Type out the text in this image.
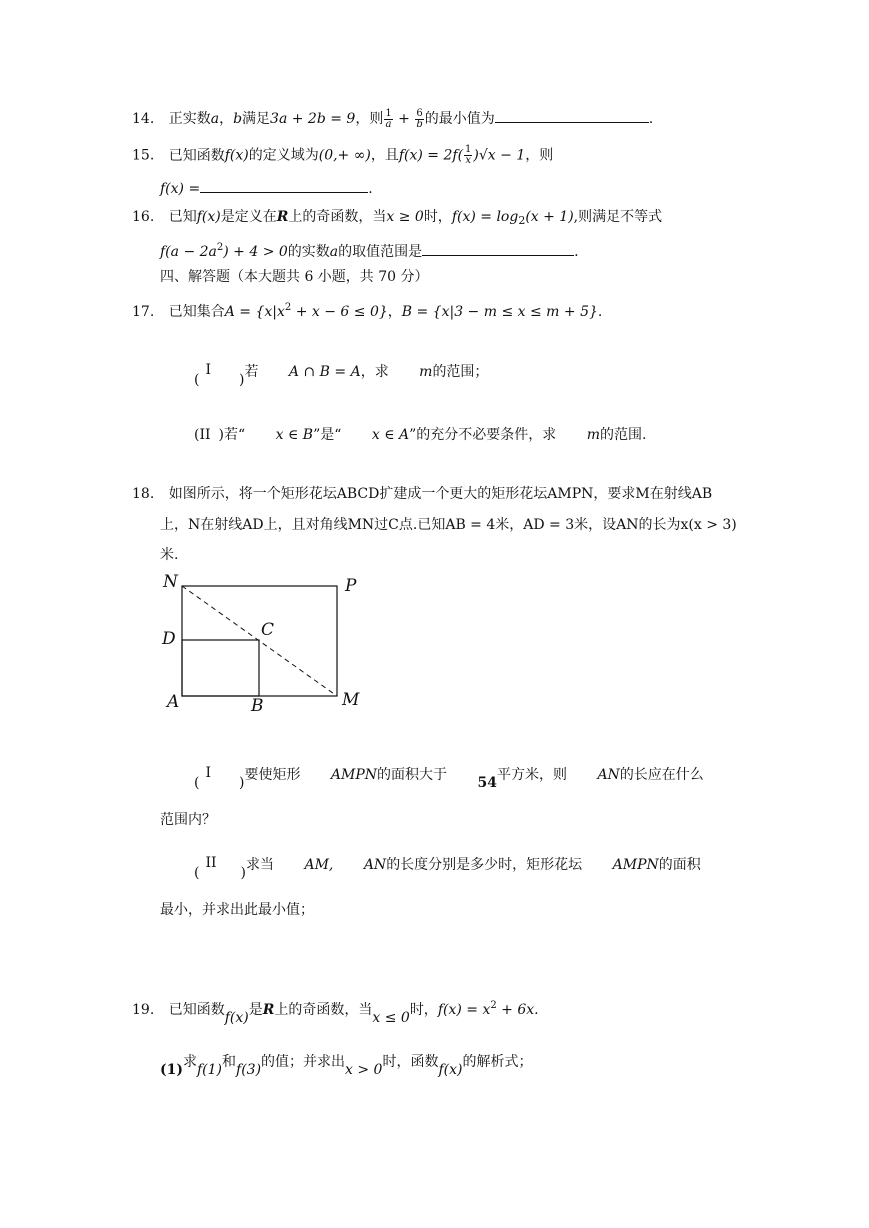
14. 正实数a，b满足3a + 2b = 9，则 $\frac{1}{a} + \frac{6}{b}$ 的最小值为	.
15. 已知函数f(x)的定义域为(0,+ ∞)，且$f(x) = 2f( \frac{1}{x} )√x - 1$，则
f(x) =	.
16. 已知f(x)是定义在R上的奇函数，当x ≥ 0时，$f(x) = \log_2(x + 1)$,则满足不等式
$f(a - 2a^2) + 4 > 0$的实数a的取值范围是	.
四、解答题（本大题共 6 小题，共 70 分）
17. 已知集合$A = \{x|x^2 + x - 6 \le 0\}$，B = {x|3 − m ≤ x ≤ m + 5}.
(I)若 A ∩ B = A，求 m的范围；
(II )若“ x ∈ B”是“ x ∈ A”的充分不必要条件，求 m的范围.
18. 如图所示，将一个矩形花坛ABCD扩建成一个更大的矩形花坛AMPN，要求M在射线AB
上，N在射线AD上，且对角线MN过C点.已知AB = 4米，AD = 3米，设AN的长为x(x > 3)
米.
N	P
D	C
A	B	M
(I)要使矩形 AMPN的面积大于 54平方米，则 AN的长应在什么
范围内？
(II)求当 AM, AN的长度分别是多少时，矩形花坛 AMPN的面积
最小，并求出此最小值；
19. 已知函数f(x)是R上的奇函数，当x ≤ 0时，$f(x) = x^2 + 6x$.
(1)求f(1)和f(3)的值；并求出x > 0时，函数f(x)的解析式；
